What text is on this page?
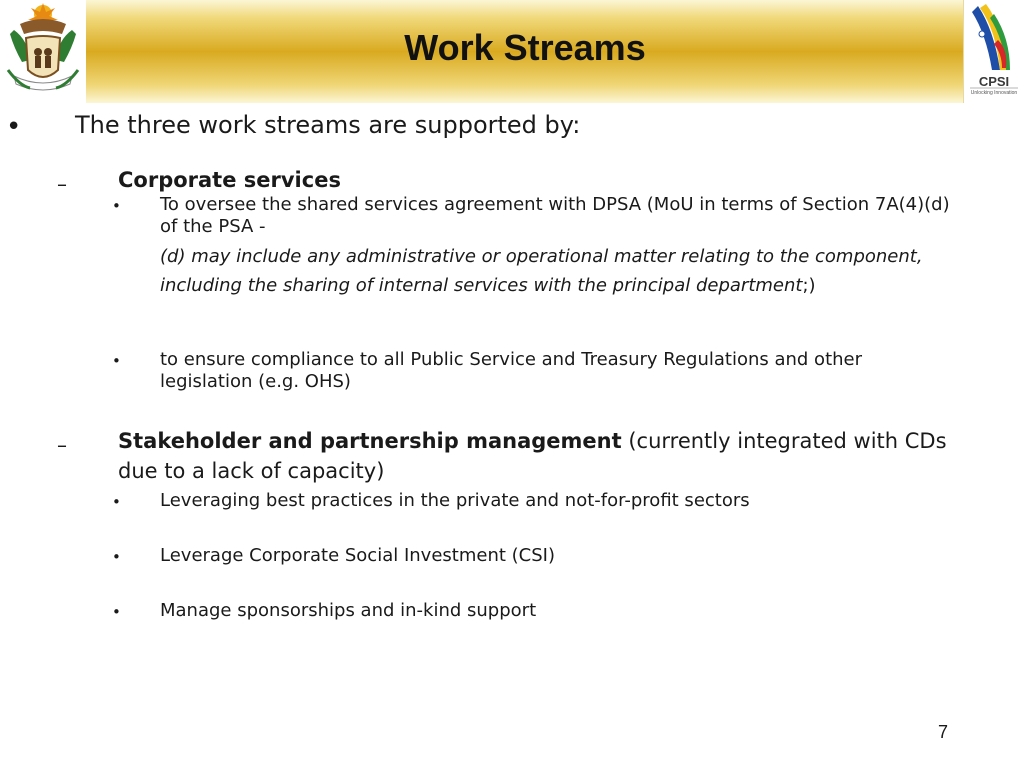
Work Streams
CPSI
Unlocking Innovation
• The three work streams are supported by:
– Corporate services
• To oversee the shared services agreement with DPSA (MoU in terms of Section 7A(4)(d) of the PSA -
(d) may include any administrative or operational matter relating to the component, including the sharing of internal services with the principal department;)
• to ensure compliance to all Public Service and Treasury Regulations and other legislation (e.g. OHS)
– Stakeholder and partnership management (currently integrated with CDs due to a lack of capacity)
• Leveraging best practices in the private and not-for-profit sectors
• Leverage Corporate Social Investment (CSI)
• Manage sponsorships and in-kind support
7
